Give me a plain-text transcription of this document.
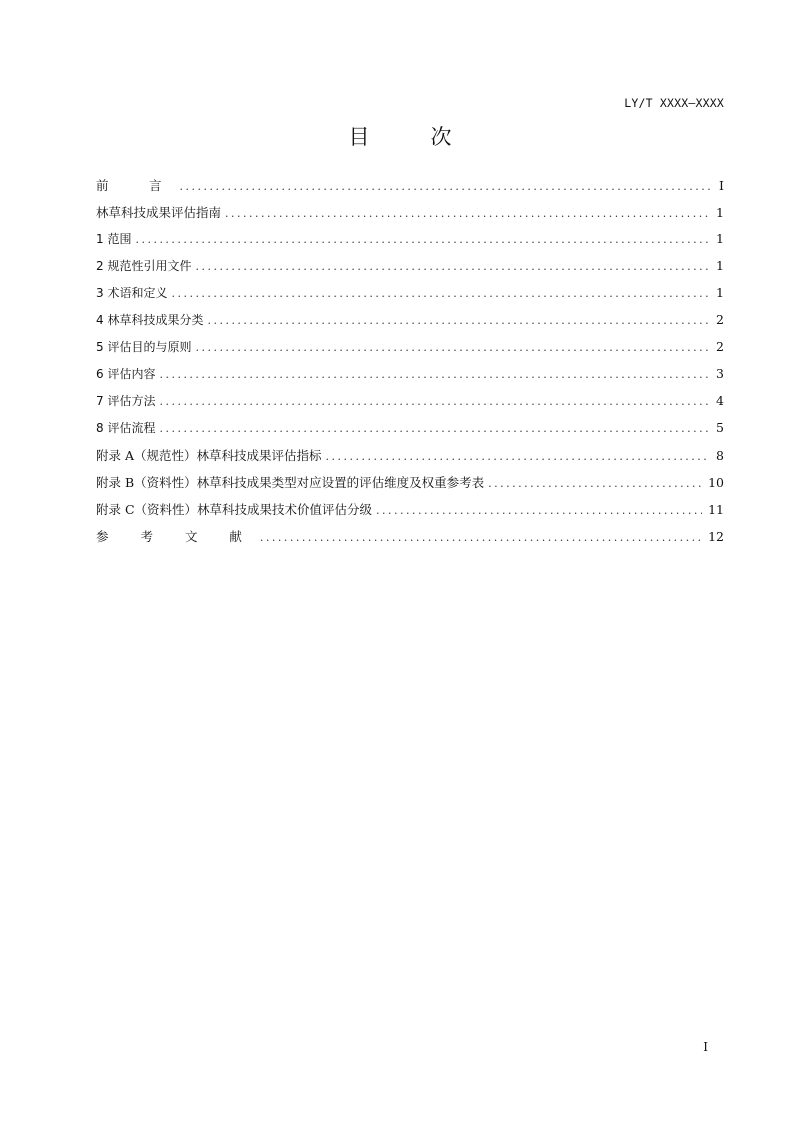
LY/T XXXX—XXXX
目　次
前　言 .....	I
林草科技成果评估指南 .....	1
1 范围 .....	1
2 规范性引用文件 .....	1
3 术语和定义 .....	1
4 林草科技成果分类 .....	2
5 评估目的与原则 .....	2
6 评估内容 .....	3
7 评估方法 .....	4
8 评估流程 .....	5
附录 A（规范性）林草科技成果评估指标 .....	8
附录 B（资料性）林草科技成果类型对应设置的评估维度及权重参考表 .....	10
附录 C（资料性）林草科技成果技术价值评估分级 .....	11
参 考 文 献 .....	12
I
